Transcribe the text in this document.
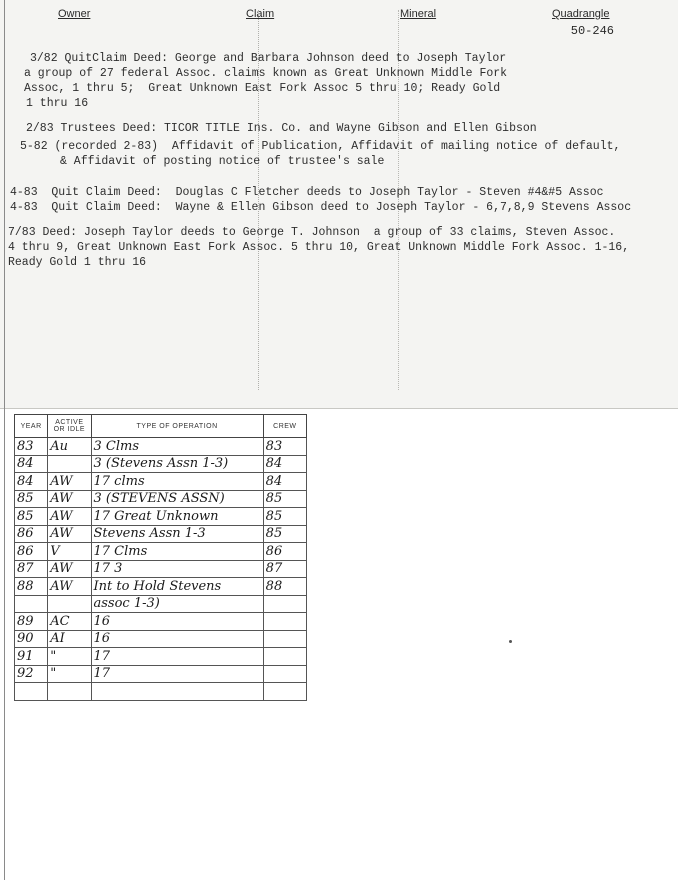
Owner	Claim	Mineral	Quadrangle
50-246
3/82 QuitClaim Deed: George and Barbara Johnson deed to Joseph Taylor
a group of 27 federal Assoc. claims known as Great Unknown Middle Fork
Assoc, 1 thru 5;  Great Unknown East Fork Assoc 5 thru 10; Ready Gold
1 thru 16
2/83 Trustees Deed: TICOR TITLE Ins. Co. and Wayne Gibson and Ellen Gibson
5-82 (recorded 2-83)  Affidavit of Publication, Affidavit of mailing notice of default,
& Affidavit of posting notice of trustee's sale
4-83  Quit Claim Deed:  Douglas C Fletcher deeds to Joseph Taylor - Steven #4&#5 Assoc
4-83  Quit Claim Deed:  Wayne & Ellen Gibson deed to Joseph Taylor - 6,7,8,9 Stevens Assoc
7/83 Deed: Joseph Taylor deeds to George T. Johnson  a group of 33 claims, Steven Assoc.
4 thru 9, Great Unknown East Fork Assoc. 5 thru 10, Great Unknown Middle Fork Assoc. 1-16,
Ready Gold 1 thru 16
YEAR	ACTIVE OR IDLE	TYPE OF OPERATION	CREW
83	Au	3 Clms	83
84		3 (Stevens Assn 1-3)	84
84	AW	17 clms	84
85	AW	3 (STEVENS ASSN)	85
85	AW	17 Great Unknown	85
86	AW	Stevens Assn 1-3	85
86	V	17 Clms	86
87	AW	17 3	87
88	AW	Int to Hold Stevens	88
		assoc 1-3)	
89	AC	16	
90	AI	16	
91	"	17	
92	"	17	
